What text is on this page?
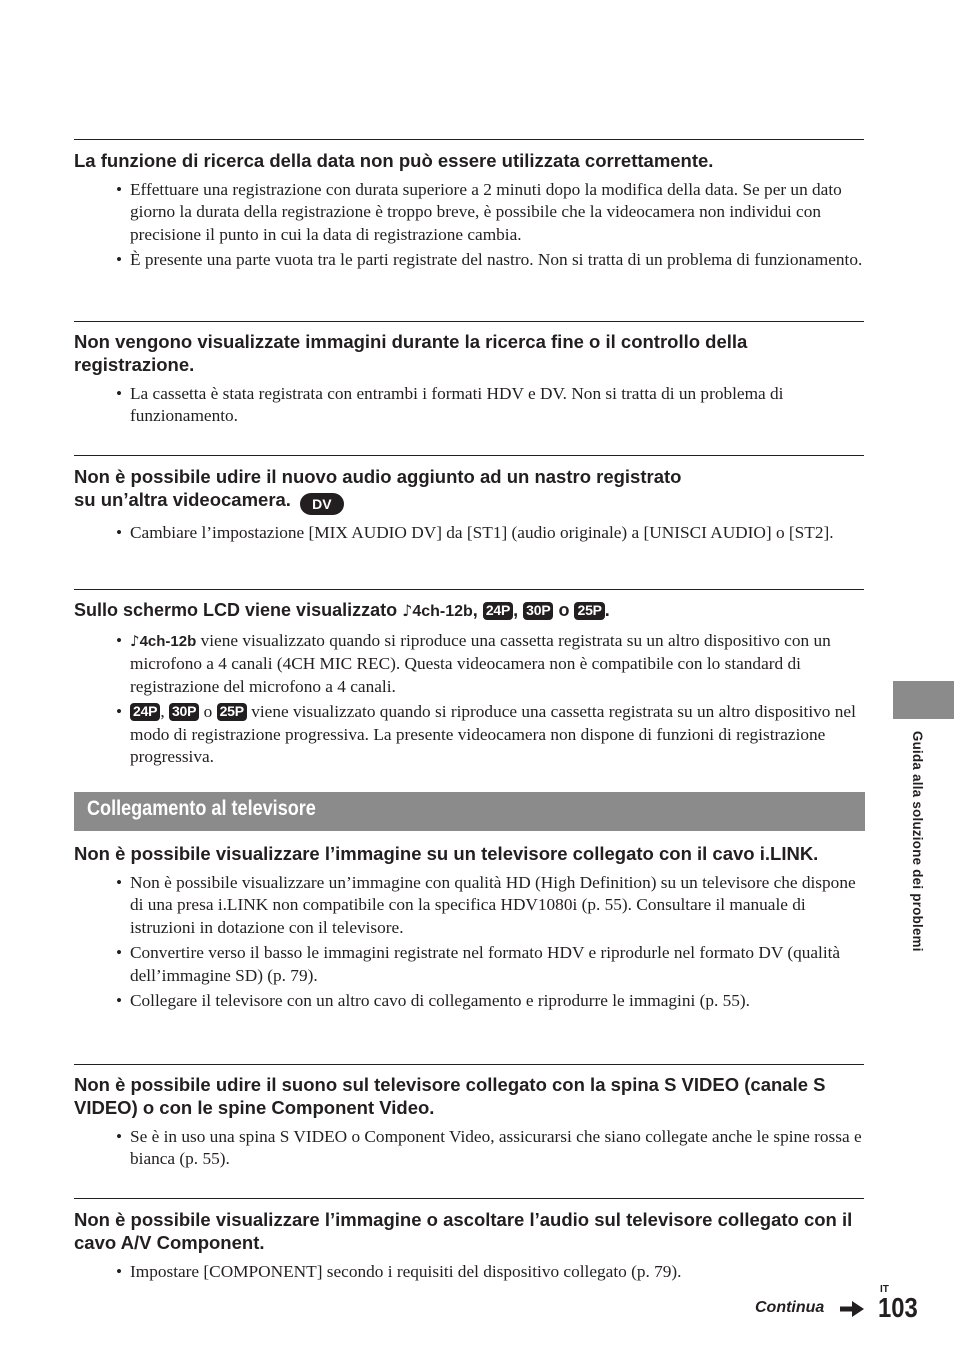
La funzione di ricerca della data non può essere utilizzata correttamente.

• Effettuare una registrazione con durata superiore a 2 minuti dopo la modifica della data. Se per un dato giorno la durata della registrazione è troppo breve, è possibile che la videocamera non individui con precisione il punto in cui la data di registrazione cambia.
• È presente una parte vuota tra le parti registrate del nastro. Non si tratta di un problema di funzionamento.

Non vengono visualizzate immagini durante la ricerca fine o il controllo della registrazione.

• La cassetta è stata registrata con entrambi i formati HDV e DV. Non si tratta di un problema di funzionamento.

Non è possibile udire il nuovo audio aggiunto ad un nastro registrato
su un’altra videocamera. DV

• Cambiare l’impostazione [MIX AUDIO DV] da [ST1] (audio originale) a [UNISCI AUDIO] o [ST2].

Sullo schermo LCD viene visualizzato ♪4ch-12b, 24P , 30P o 25P .

• ♪4ch-12b viene visualizzato quando si riproduce una cassetta registrata su un altro dispositivo con un microfono a 4 canali (4CH MIC REC). Questa videocamera non è compatibile con lo standard di registrazione del microfono a 4 canali.
• 24P , 30P o 25P viene visualizzato quando si riproduce una cassetta registrata su un altro dispositivo nel modo di registrazione progressiva. La presente videocamera non dispone di funzioni di registrazione progressiva.
Collegamento al televisore

Non è possibile visualizzare l’immagine su un televisore collegato con il cavo i.LINK.

• Non è possibile visualizzare un’immagine con qualità HD (High Definition) su un televisore che dispone di una presa i.LINK non compatibile con la specifica HDV1080i (p. 55). Consultare il manuale di istruzioni in dotazione con il televisore.
• Convertire verso il basso le immagini registrate nel formato HDV e riprodurle nel formato DV (qualità dell’immagine SD) (p. 79).
• Collegare il televisore con un altro cavo di collegamento e riprodurre le immagini (p. 55).

Non è possibile udire il suono sul televisore collegato con la spina S VIDEO (canale S VIDEO) o con le spine Component Video.

• Se è in uso una spina S VIDEO o Component Video, assicurarsi che siano collegate anche le spine rossa e bianca (p. 55).

Non è possibile visualizzare l’immagine o ascoltare l’audio sul televisore collegato con il cavo A/V Component.

• Impostare [COMPONENT] secondo i requisiti del dispositivo collegato (p. 79).
Guida alla soluzione dei problemi
Continua
IT
103
